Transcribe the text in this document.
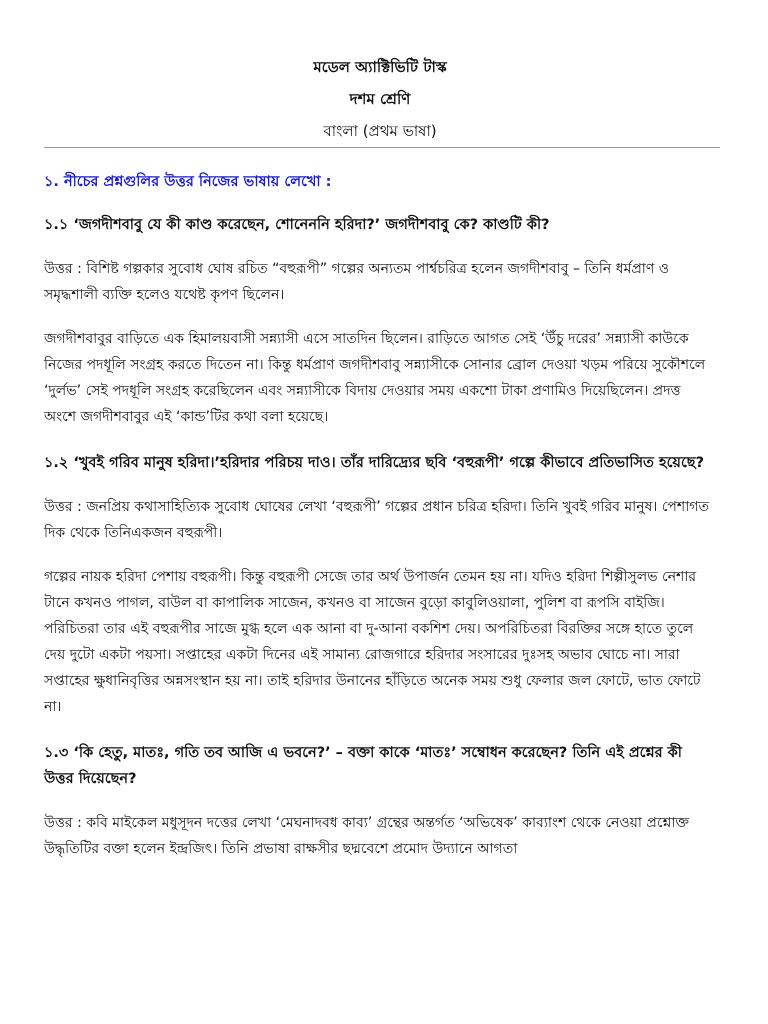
মডেল অ্যাক্টিভিটি টাস্ক
দশম শ্রেণি
বাংলা (প্রথম ভাষা)
১. নীচের প্রশ্নগুলির উত্তর নিজের ভাষায় লেখো :
১.১ ‘জগদীশবাবু যে কী কাণ্ড করেছেন, শোনেননি হরিদা?’ জগদীশবাবু কে? কাণ্ডটি কী?
উত্তর : বিশিষ্ট গল্পকার সুবোধ ঘোষ রচিত “বহুরূপী” গল্পের অন্যতম পার্শ্বচরিত্র হলেন জগদীশবাবু – তিনি ধর্মপ্রাণ ও সমৃদ্ধশালী ব্যক্তি হলেও যথেষ্ট কৃপণ ছিলেন।
জগদীশবাবুর বাড়িতে এক হিমালয়বাসী সন্ন্যাসী এসে সাতদিন ছিলেন। রাড়িতে আগত সেই ‘উঁচু দরের’ সন্ন্যাসী কাউকে নিজের পদধূলি সংগ্রহ করতে দিতেন না। কিন্তু ধর্মপ্রাণ জগদীশবাবু সন্ন্যাসীকে সোনার ব্রোল দেওয়া খড়ম পরিয়ে সুকৌশলে ‘দুর্লভ’ সেই পদধূলি সংগ্রহ করেছিলেন এবং সন্ন্যাসীকে বিদায় দেওয়ার সময় একশো টাকা প্রণামিও দিয়েছিলেন। প্রদত্ত অংশে জগদীশবাবুর এই ‘কান্ড’টির কথা বলা হয়েছে।
১.২ ‘খুবই গরিব মানুষ হরিদা।’হরিদার পরিচয় দাও। তাঁর দারিদ্র্যের ছবি ‘বহুরূপী’ গল্পে কীভাবে প্রতিভাসিত হয়েছে?
উত্তর : জনপ্রিয় কথাসাহিত্যিক সুবোধ ঘোষের লেখা ‘বহুরূপী’ গল্পের প্রধান চরিত্র হরিদা। তিনি খুবই গরিব মানুষ। পেশাগত দিক থেকে তিনিএকজন বহুরূপী।
গল্পের নায়ক হরিদা পেশায় বহুরূপী। কিন্তু বহুরূপী সেজে তার অর্থ উপার্জন তেমন হয় না। যদিও হরিদা শিল্পীসুলভ নেশার টানে কখনও পাগল, বাউল বা কাপালিক সাজেন, কখনও বা সাজেন বুড়ো কাবুলিওয়ালা, পুলিশ বা রূপসি বাইজি। পরিচিতরা তার এই বহুরূপীর সাজে মুগ্ধ হলে এক আনা বা দু-আনা বকশিশ দেয়। অপরিচিতরা বিরক্তির সঙ্গে হাতে তুলে দেয় দুটো একটা পয়সা। সপ্তাহের একটা দিনের এই সামান্য রোজগারে হরিদার সংসারের দুঃসহ অভাব ঘোচে না। সারা সপ্তাহের ক্ষুধানিবৃত্তির অন্নসংস্থান হয় না। তাই হরিদার উনানের হাঁড়িতে অনেক সময় শুধু ফেলার জল ফোটে, ভাত ফোটে না।
১.৩ ‘কি হেতু, মাতঃ, গতি তব আজি এ ভবনে?’ – বক্তা কাকে ‘মাতঃ’ সম্বোধন করেছেন? তিনি এই প্রশ্নের কী উত্তর দিয়েছেন?
উত্তর : কবি মাইকেল মধুসূদন দত্তের লেখা ‘মেঘনাদবধ কাব্য’ গ্রন্থের অন্তর্গত ‘অভিষেক’ কাব্যাংশ থেকে নেওয়া প্রশ্নোক্ত উদ্ধৃতিটির বক্তা হলেন ইন্দ্রজিৎ। তিনি প্রভাষা রাক্ষসীর ছদ্মবেশে প্রমোদ উদ্যানে আগতা
